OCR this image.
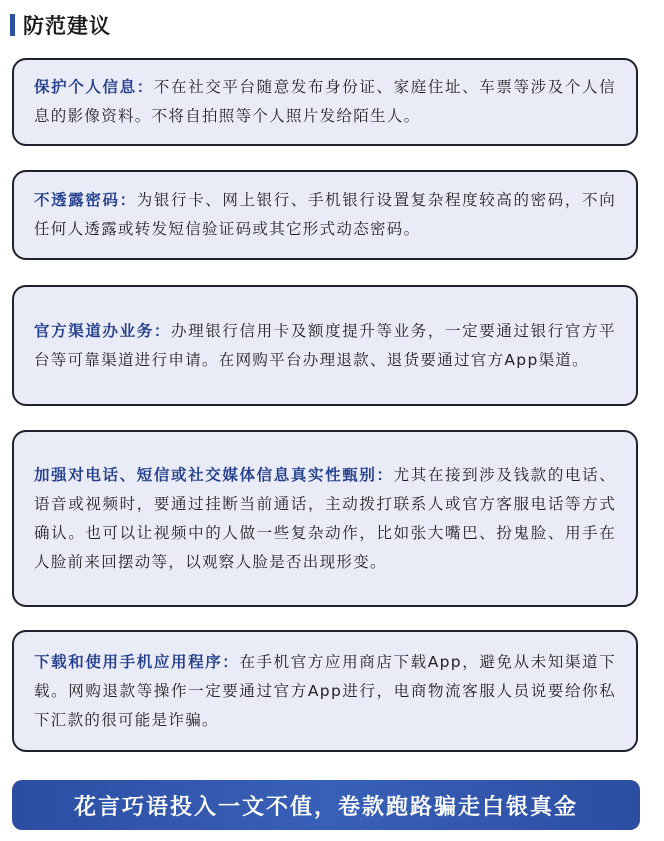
防范建议

保护个人信息：不在社交平台随意发布身份证、家庭住址、车票等涉及个人信息的影像资料。不将自拍照等个人照片发给陌生人。

不透露密码：为银行卡、网上银行、手机银行设置复杂程度较高的密码，不向任何人透露或转发短信验证码或其它形式动态密码。

官方渠道办业务：办理银行信用卡及额度提升等业务，一定要通过银行官方平台等可靠渠道进行申请。在网购平台办理退款、退货要通过官方App渠道。

加强对电话、短信或社交媒体信息真实性甄别：尤其在接到涉及钱款的电话、语音或视频时，要通过挂断当前通话，主动拨打联系人或官方客服电话等方式确认。也可以让视频中的人做一些复杂动作，比如张大嘴巴、扮鬼脸、用手在人脸前来回摆动等，以观察人脸是否出现形变。

下载和使用手机应用程序：在手机官方应用商店下载App，避免从未知渠道下载。网购退款等操作一定要通过官方App进行，电商物流客服人员说要给你私下汇款的很可能是诈骗。

花言巧语投入一文不值，卷款跑路骗走白银真金
